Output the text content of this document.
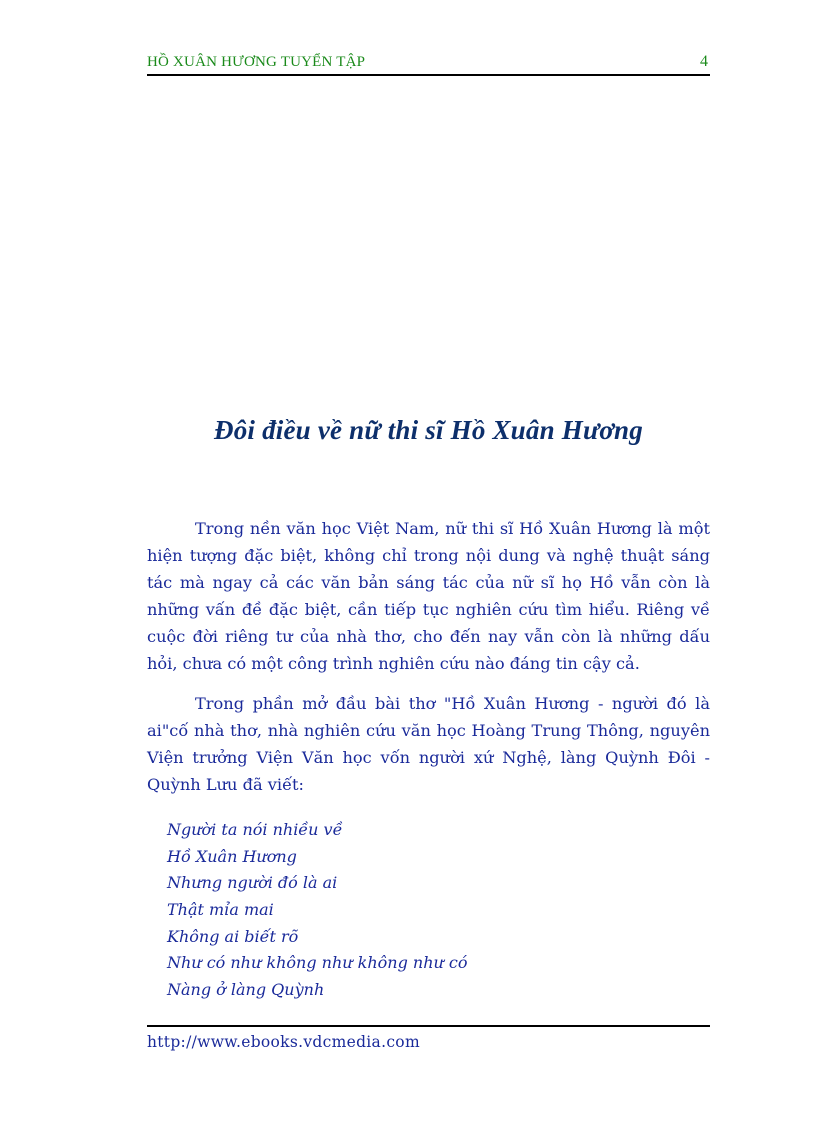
HỒ XUÂN HƯƠNG TUYỂN TẬP	4
Đôi điều về nữ thi sĩ Hồ Xuân Hương

Trong nền văn học Việt Nam, nữ thi sĩ Hồ Xuân Hương là một hiện tượng đặc biệt, không chỉ trong nội dung và nghệ thuật sáng tác mà ngay cả các văn bản sáng tác của nữ sĩ họ Hồ vẫn còn là những vấn đề đặc biệt, cần tiếp tục nghiên cứu tìm hiểu. Riêng về cuộc đời riêng tư của nhà thơ, cho đến nay vẫn còn là những dấu hỏi, chưa có một công trình nghiên cứu nào đáng tin cậy cả.

Trong phần mở đầu bài thơ "Hồ Xuân Hương - người đó là ai"cố nhà thơ, nhà nghiên cứu văn học Hoàng Trung Thông, nguyên Viện trưởng Viện Văn học vốn người xứ Nghệ, làng Quỳnh Đôi - Quỳnh Lưu đã viết:

Người ta nói nhiều về
Hồ Xuân Hương
Nhưng người đó là ai
Thật mỉa mai
Không ai biết rõ
Như có như không như không như có
Nàng ở làng Quỳnh
http://www.ebooks.vdcmedia.com
